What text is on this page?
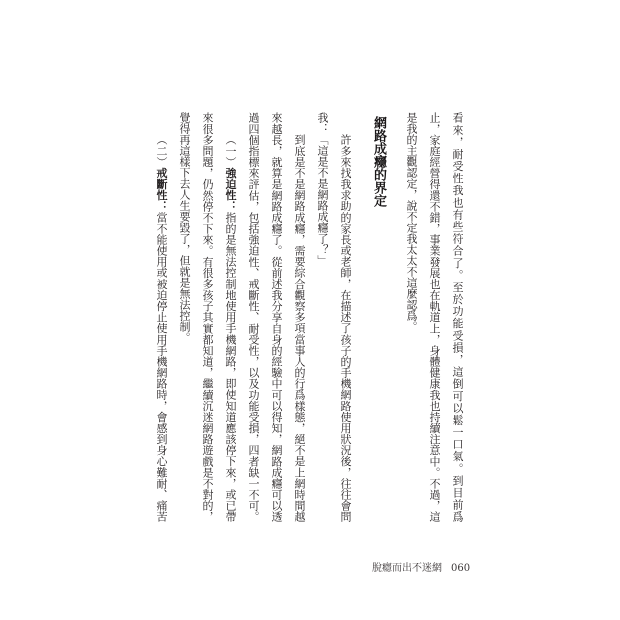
看來，耐受性我也有些符合了。至於功能受損，這倒可以鬆一口氣。到目前爲
止，家庭經營得還不錯，事業發展也在軌道上，身體健康我也持續注意中。不過，這
是我的主觀認定，說不定我太太不這麼認爲。
網路成癮的界定
許多來找我求助的家長或老師，在描述了孩子的手機網路使用狀況後，往往會問
我：「這是不是網路成癮了？」
到底是不是網路成癮，需要綜合觀察多項當事人的行爲樣態，絕不是上網時間越
來越長，就算是網路成癮了。從前述我分享自身的經驗中可以得知，網路成癮可以透
過四個指標來評估，包括強迫性、戒斷性、耐受性，以及功能受損，四者缺一不可。
（一）強迫性：指的是無法控制地使用手機網路，即使知道應該停下來，或已帶
來很多問題，仍然停不下來。有很多孩子其實都知道，繼續沉迷網路遊戲是不對的，
覺得再這樣下去人生要毀了，但就是無法控制。
（二）戒斷性：當不能使用或被迫停止使用手機網路時，會感到身心難耐、痛苦
脫癮而出不迷網 060
